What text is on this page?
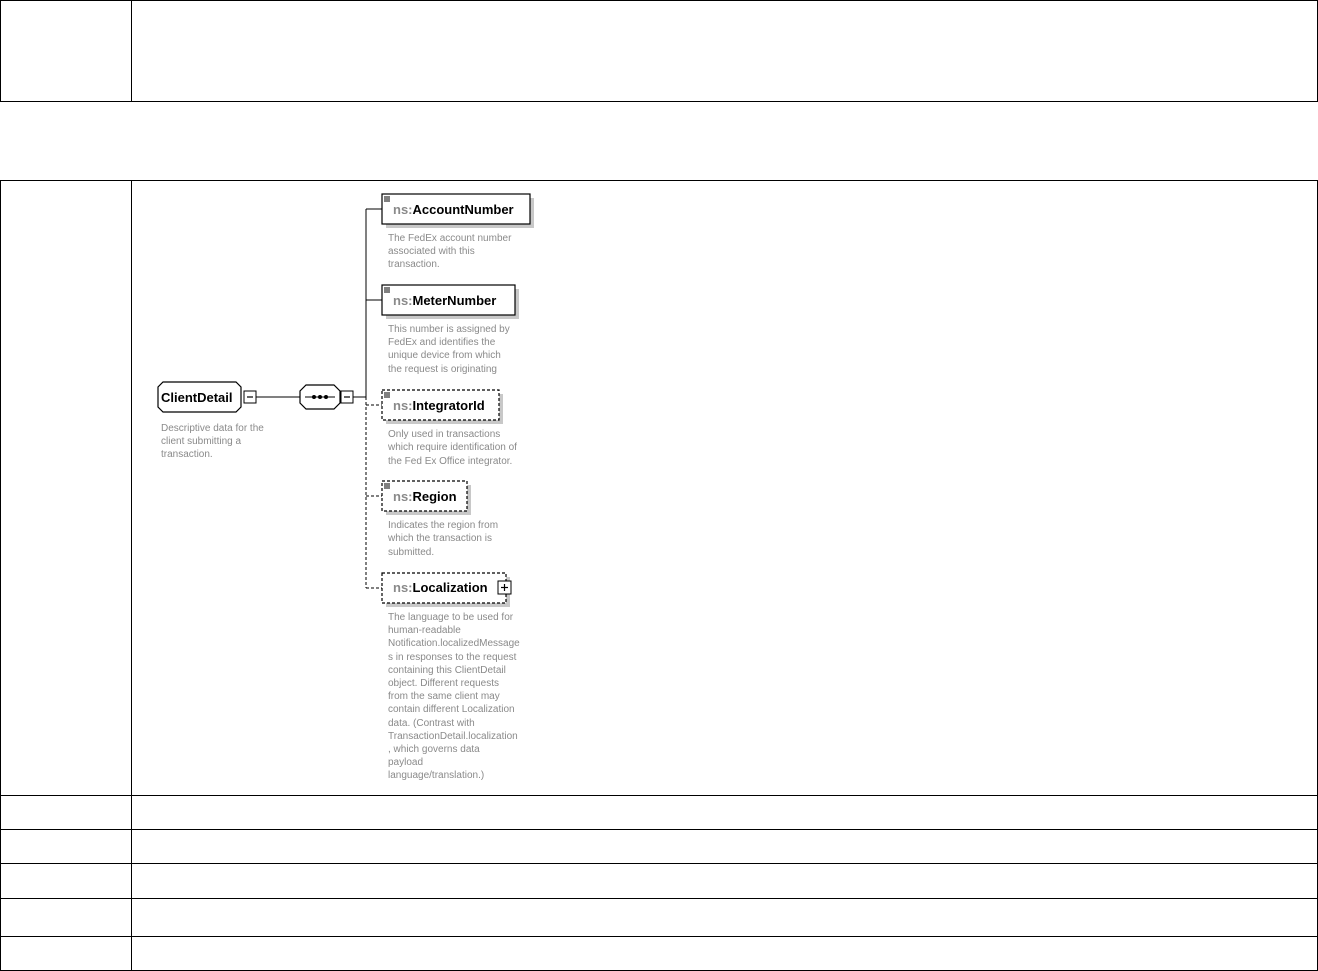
ClientDetail
Descriptive data for the
client submitting a
transaction.
ns:AccountNumber
The FedEx account number
associated with this
transaction.
ns:MeterNumber
This number is assigned by
FedEx and identifies the
unique device from which
the request is originating
ns:IntegratorId
Only used in transactions
which require identification of
the Fed Ex Office integrator.
ns:Region
Indicates the region from
which the transaction is
submitted.
ns:Localization
The language to be used for
human-readable
Notification.localizedMessage
s in responses to the request
containing this ClientDetail
object. Different requests
from the same client may
contain different Localization
data. (Contrast with
TransactionDetail.localization
, which governs data
payload
language/translation.)
